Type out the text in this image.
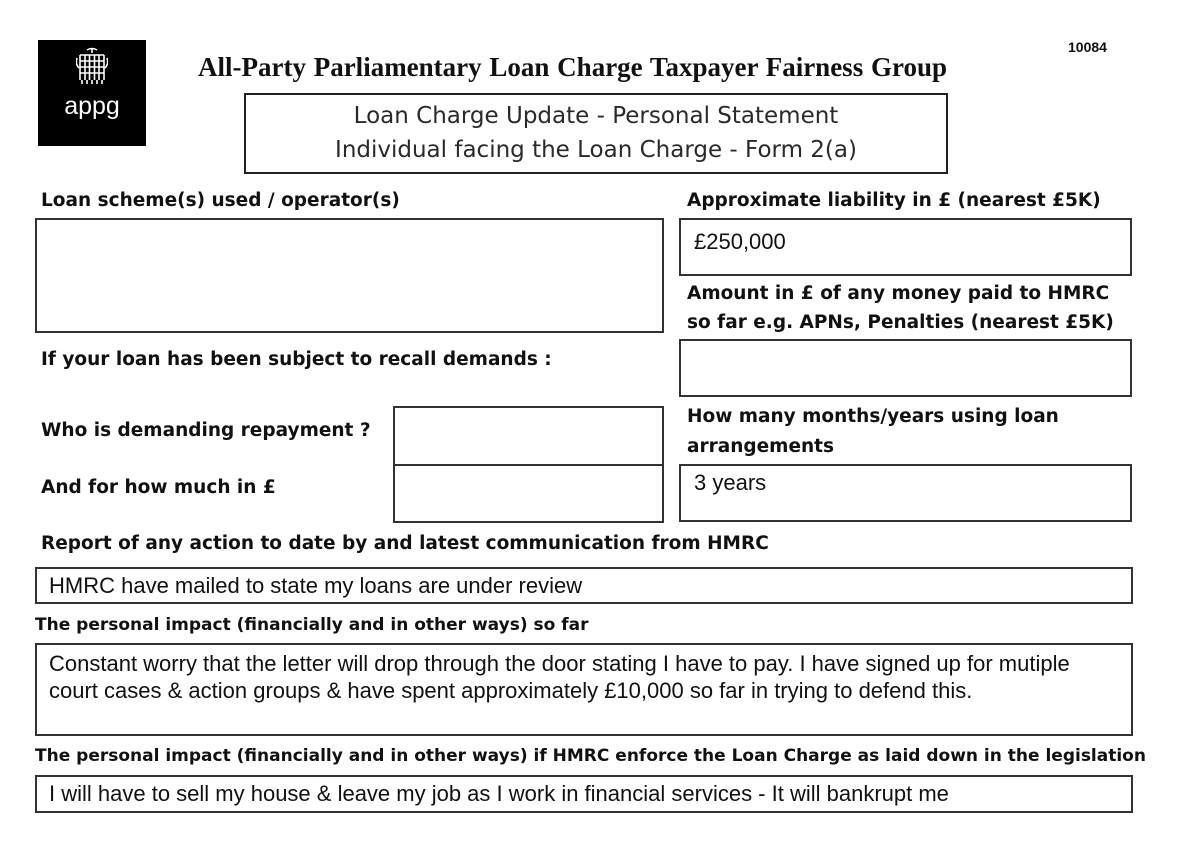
appg
10084
All-Party Parliamentary Loan Charge Taxpayer Fairness Group
Loan Charge Update - Personal Statement
Individual facing the Loan Charge - Form 2(a)
Loan scheme(s) used / operator(s)	Approximate liability in £ (nearest £5K)
£250,000
Amount in £ of any money paid to HMRC
so far e.g. APNs, Penalties (nearest £5K)
If your loan has been subject to recall demands :
Who is demanding repayment ?
And for how much in £
How many months/years using loan
arrangements
3 years
Report of any action to date by and latest communication from HMRC
HMRC have mailed to state my loans are under review
The personal impact (financially and in other ways) so far
Constant worry that the letter will drop through the door stating I have to pay. I have signed up for mutiple court cases & action groups & have spent approximately £10,000 so far in trying to defend this.
The personal impact (financially and in other ways) if HMRC enforce the Loan Charge as laid down in the legislation
I will have to sell my house & leave my job as I work in financial services - It will bankrupt me
